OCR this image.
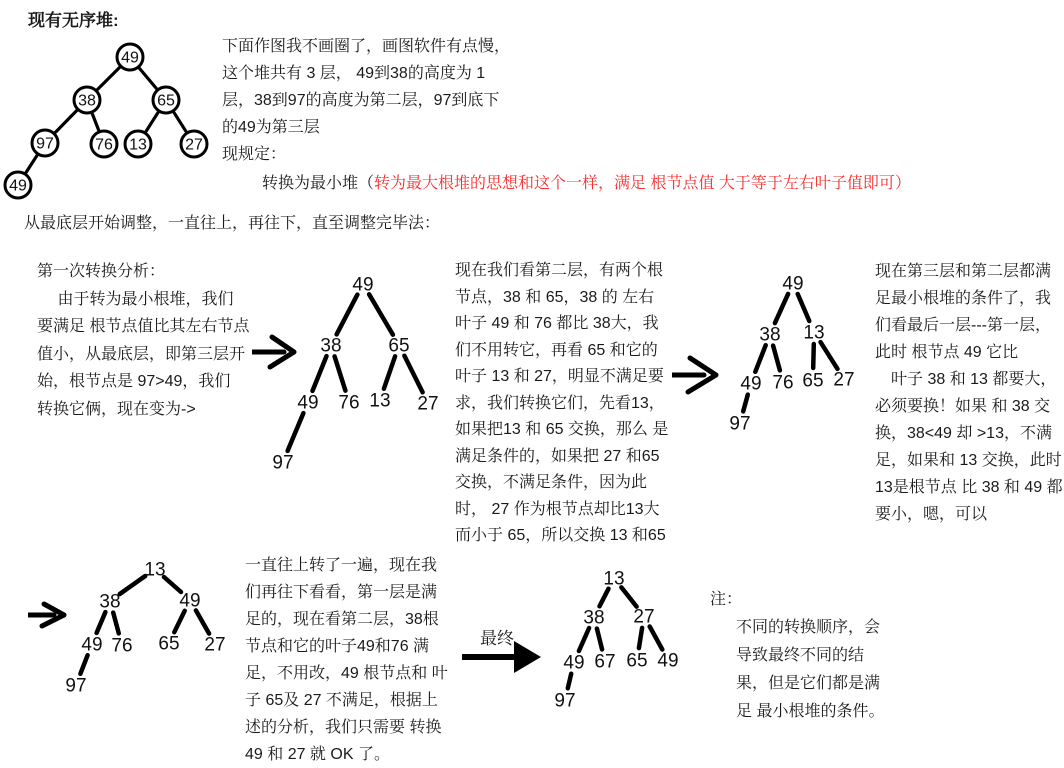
现有无序堆:
49
38	65
97	76 13 27
49
下面作图我不画圈了，画图软件有点慢，
这个堆共有 3 层， 49到38的高度为 1
层，38到97的高度为第二层，97到底下
的49为第三层
现规定：
转换为最小堆（转为最大根堆的思想和这个一样，满足 根节点值 大于等于左右叶子值即可）
从最底层开始调整，一直往上，再往下，直至调整完毕法：
第一次转换分析：
　 由于转为最小根堆，我们
要满足 根节点值比其左右节点
值小，从最底层，即第三层开
始，根节点是 97>49，我们
转换它俩，现在变为->
49
38 65
49 76 13 27
97
现在我们看第二层，有两个根
节点，38 和 65，38 的 左右
叶子 49 和 76 都比 38大，我
们不用转它，再看 65 和它的
叶子 13 和 27，明显不满足要
求，我们转换它们，先看13，
如果把13 和 65 交换，那么 是
满足条件的，如果把 27 和65
交换，不满足条件，因为此
时， 27 作为根节点却比13大
而小于 65，所以交换 13 和65
49
38 13
49 76 65 27
97
现在第三层和第二层都满
足最小根堆的条件了，我
们看最后一层---第一层，
此时 根节点 49 它比
　叶子 38 和 13 都要大，
必须要换！如果 和 38 交
换，38<49 却 >13，不满
足，如果和 13 交换，此时
13是根节点 比 38 和 49 都
要小，嗯，可以
13
38	49
49 76 65 27
97
一直往上转了一遍，现在我
们再往下看看，第一层是满
足的，现在看第二层，38根
节点和它的叶子49和76 满
足，不用改，49 根节点和 叶
子 65及 27 不满足，根据上
述的分析，我们只需要 转换
49 和 27 就 OK 了。
最终
13
38 27
49 67 65 49
97
注：
不同的转换顺序，会
导致最终不同的结
果，但是它们都是满
足 最小根堆的条件。
